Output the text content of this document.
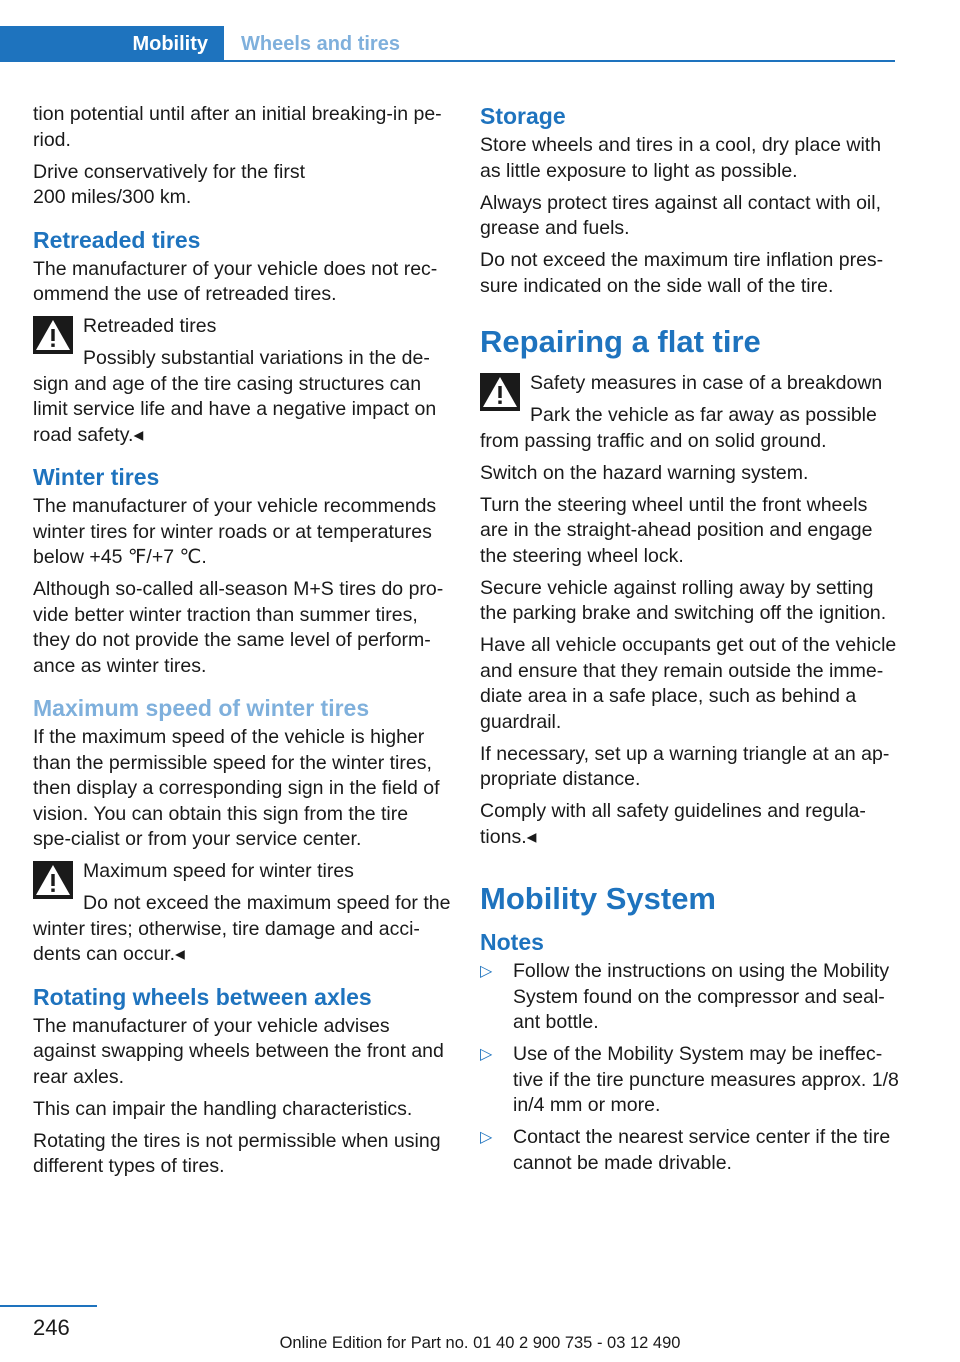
Mobility Wheels and tires

tion potential until after an initial breaking-in pe-riod.

Drive conservatively for the first 200 miles/300 km.

Retreaded tires

The manufacturer of your vehicle does not rec-ommend the use of retreaded tires.

Retreaded tires

Possibly substantial variations in the de-sign and age of the tire casing structures can limit service life and have a negative impact on road safety.◂

Winter tires

The manufacturer of your vehicle recommends winter tires for winter roads or at temperatures below +45 ℉/+7 ℃.

Although so-called all-season M+S tires do pro-vide better winter traction than summer tires, they do not provide the same level of perform-ance as winter tires.

Maximum speed of winter tires

If the maximum speed of the vehicle is higher than the permissible speed for the winter tires, then display a corresponding sign in the field of vision. You can obtain this sign from the tire spe-cialist or from your service center.

Maximum speed for winter tires

Do not exceed the maximum speed for the winter tires; otherwise, tire damage and acci-dents can occur.◂

Rotating wheels between axles

The manufacturer of your vehicle advises against swapping wheels between the front and rear axles.

This can impair the handling characteristics.

Rotating the tires is not permissible when using different types of tires.

Storage

Store wheels and tires in a cool, dry place with as little exposure to light as possible.

Always protect tires against all contact with oil, grease and fuels.

Do not exceed the maximum tire inflation pres-sure indicated on the side wall of the tire.

Repairing a flat tire
Safety measures in case of a breakdown

Park the vehicle as far away as possible from passing traffic and on solid ground.

Switch on the hazard warning system.

Turn the steering wheel until the front wheels are in the straight-ahead position and engage the steering wheel lock.

Secure vehicle against rolling away by setting the parking brake and switching off the ignition.

Have all vehicle occupants get out of the vehicle and ensure that they remain outside the imme-diate area in a safe place, such as behind a guardrail.

If necessary, set up a warning triangle at an ap-propriate distance.

Comply with all safety guidelines and regula-tions.◂

Mobility System
Notes
▷ Follow the instructions on using the Mobility System found on the compressor and seal-ant bottle.
▷ Use of the Mobility System may be ineffec-tive if the tire puncture measures approx. 1/8 in/4 mm or more.
▷ Contact the nearest service center if the tire cannot be made drivable.
246
Online Edition for Part no. 01 40 2 900 735 - 03 12 490
